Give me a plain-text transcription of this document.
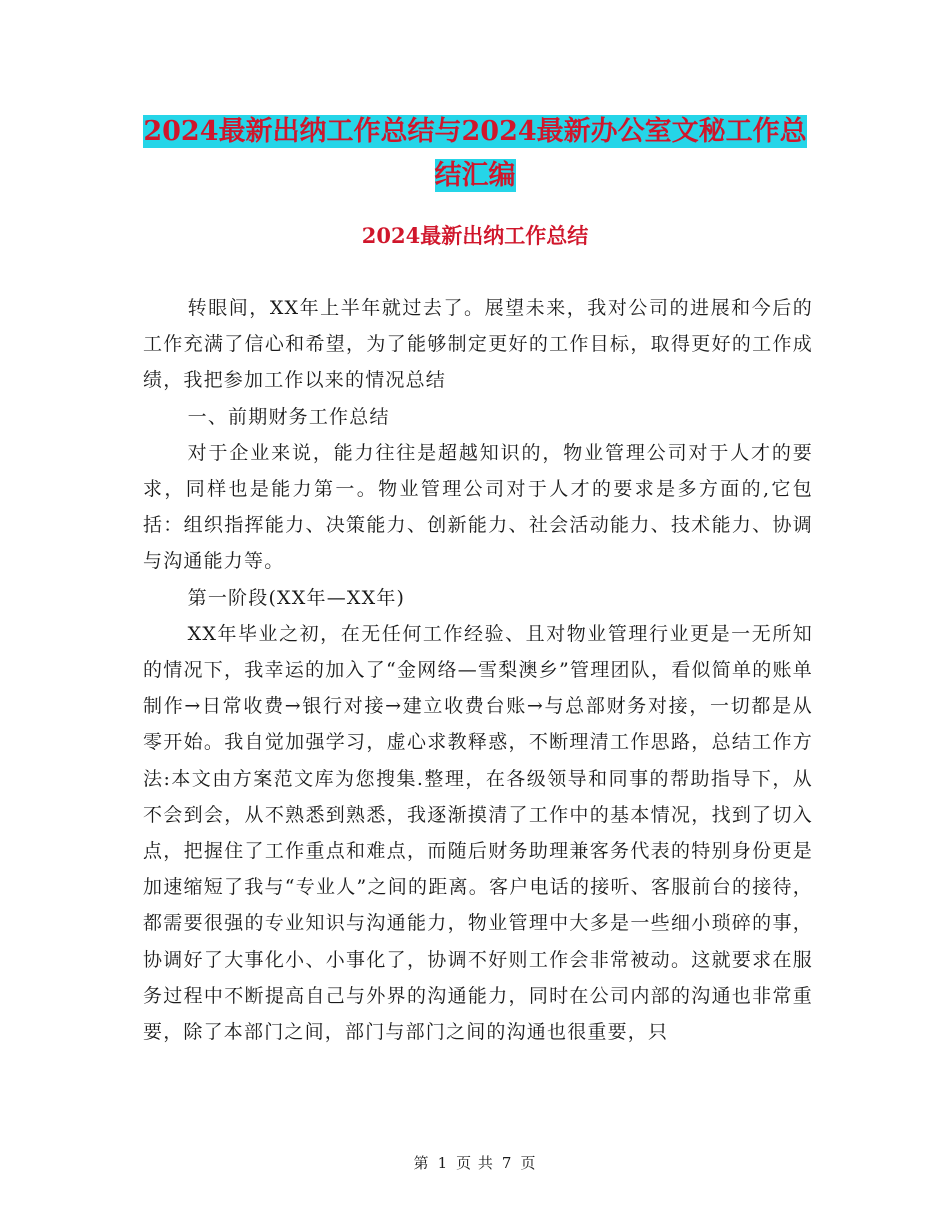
2024最新出纳工作总结与2024最新办公室文秘工作总
结汇编
2024最新出纳工作总结

转眼间，XX年上半年就过去了。展望未来，我对公司的进展和今后的工作充满了信心和希望，为了能够制定更好的工作目标，取得更好的工作成绩，我把参加工作以来的情况总结

一、前期财务工作总结

对于企业来说，能力往往是超越知识的，物业管理公司对于人才的要求，同样也是能力第一。物业管理公司对于人才的要求是多方面的,它包括：组织指挥能力、决策能力、创新能力、社会活动能力、技术能力、协调与沟通能力等。

第一阶段(XX年—XX年)

XX年毕业之初，在无任何工作经验、且对物业管理行业更是一无所知的情况下，我幸运的加入了“金网络—雪梨澳乡”管理团队，看似简单的账单制作→日常收费→银行对接→建立收费台账→与总部财务对接，一切都是从零开始。我自觉加强学习，虚心求教释惑，不断理清工作思路，总结工作方法:本文由方案范文库为您搜集.整理，在各级领导和同事的帮助指导下，从不会到会，从不熟悉到熟悉，我逐渐摸清了工作中的基本情况，找到了切入点，把握住了工作重点和难点，而随后财务助理兼客务代表的特别身份更是加速缩短了我与“专业人”之间的距离。客户电话的接听、客服前台的接待，都需要很强的专业知识与沟通能力，物业管理中大多是一些细小琐碎的事，协调好了大事化小、小事化了，协调不好则工作会非常被动。这就要求在服务过程中不断提高自己与外界的沟通能力，同时在公司内部的沟通也非常重要，除了本部门之间，部门与部门之间的沟通也很重要，只

第 1 页 共 7 页
